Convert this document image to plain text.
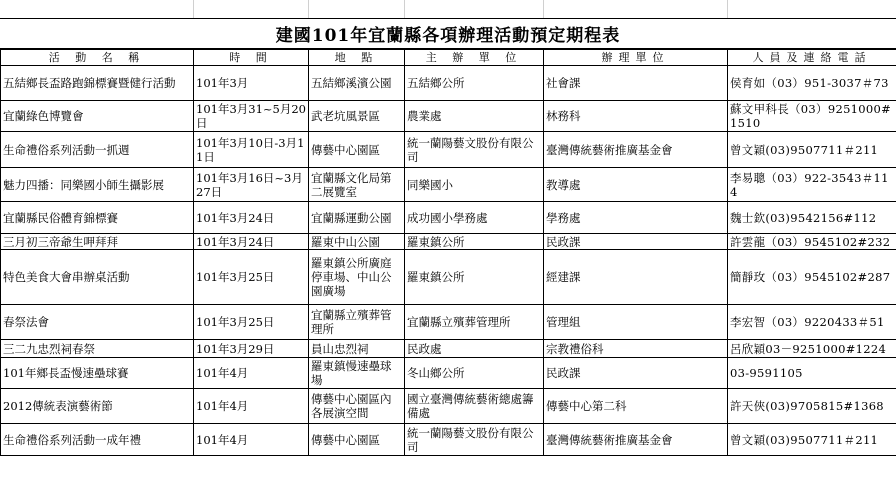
建國101年宜蘭縣各項辦理活動預定期程表
活 動 名 稱	時 間	地 點	主 辦 單 位	辦理單位	人員及連絡電話
五結鄉長盃路跑錦標賽暨健行活動	101年3月	五結鄉溪濱公園	五結鄉公所	社會課	侯育如（03）951-3037＃73
宜蘭綠色博覽會	101年3月31~5月20日	武老坑風景區	農業處	林務科	蘇文甲科長（03）9251000#1510
生命禮俗系列活動一抓週	101年3月10日-3月11日	傳藝中心園區	統一蘭陽藝文股份有限公司	臺灣傳統藝術推廣基金會	曾文穎(03)9507711＃211
魅力四播：同樂國小師生攝影展	101年3月16日~3月27日	宜蘭縣文化局第二展覽室	同樂國小	教導處	李易聰（03）922-3543＃114
宜蘭縣民俗體育錦標賽	101年3月24日	宜蘭縣運動公園	成功國小學務處	學務處	魏士欽(03)9542156#112
三月初三帝爺生呷拜拜	101年3月24日	羅東中山公園	羅東鎮公所	民政課	許雲龍（03）9545102#232
特色美食大會串辦桌活動	101年3月25日	羅東鎮公所廣庭停車場、中山公園廣場	羅東鎮公所	經建課	簡靜玫（03）9545102#287
春祭法會	101年3月25日	宜蘭縣立殯葬管理所	宜蘭縣立殯葬管理所	管理組	李宏智（03）9220433＃51
三二九忠烈祠春祭	101年3月29日	員山忠烈祠	民政處	宗教禮俗科	呂欣穎03－9251000#1224
101年鄉長盃慢速壘球賽	101年4月	羅東鎮慢速壘球場	冬山鄉公所	民政課	03-9591105
2012傳統表演藝術節	101年4月	傳藝中心園區內各展演空間	國立臺灣傳統藝術總處籌備處	傳藝中心第二科	許天俠(03)9705815#1368
生命禮俗系列活動一成年禮	101年4月	傳藝中心園區	統一蘭陽藝文股份有限公司	臺灣傳統藝術推廣基金會	曾文穎(03)9507711＃211
